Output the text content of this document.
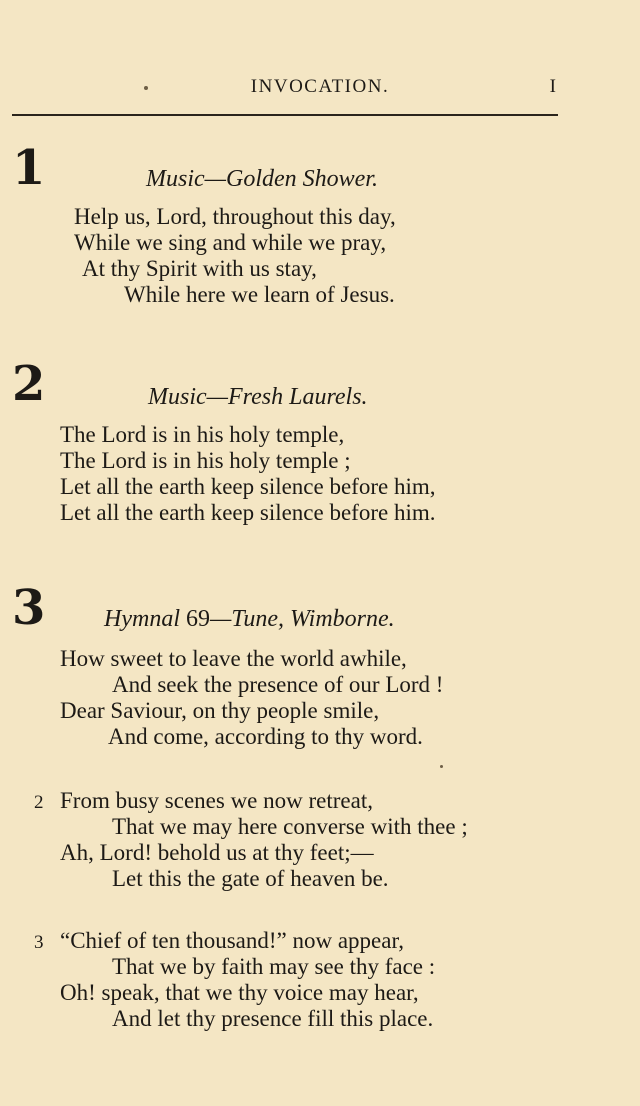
INVOCATION.	I
1	Music—Golden Shower.
Help us, Lord, throughout this day,
While we sing and while we pray,
At thy Spirit with us stay,
While here we learn of Jesus.
2	Music—Fresh Laurels.
The Lord is in his holy temple,
The Lord is in his holy temple ;
Let all the earth keep silence before him,
Let all the earth keep silence before him.
3 Hymnal 69—Tune, Wimborne.
How sweet to leave the world awhile,
And seek the presence of our Lord !
Dear Saviour, on thy people smile,
And come, according to thy word.
2 From busy scenes we now retreat,
That we may here converse with thee ;
Ah, Lord! behold us at thy feet;—
Let this the gate of heaven be.
3 “Chief of ten thousand!” now appear,
That we by faith may see thy face :
Oh! speak, that we thy voice may hear,
And let thy presence fill this place.
